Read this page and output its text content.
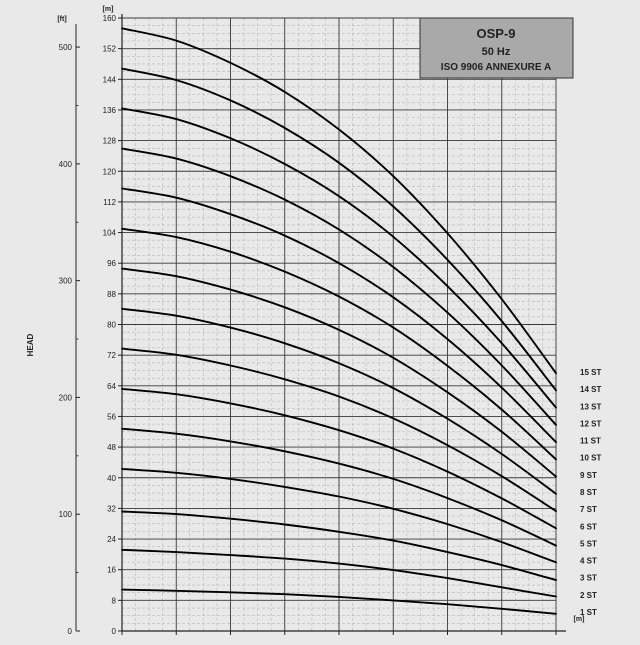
0
8
16
24
32
40
48
56
64
72
80
88
96
104
112
120
128
136
144
152
160
0
100
200
300
400
500
1 ST
2 ST
3 ST
4 ST
5 ST
6 ST
7 ST
8 ST
9 ST
10 ST
11 ST
12 ST
13 ST
14 ST
15 ST
[ft]
[m]
[m]
HEAD
OSP-9
50 Hz
ISO 9906 ANNEXURE A
